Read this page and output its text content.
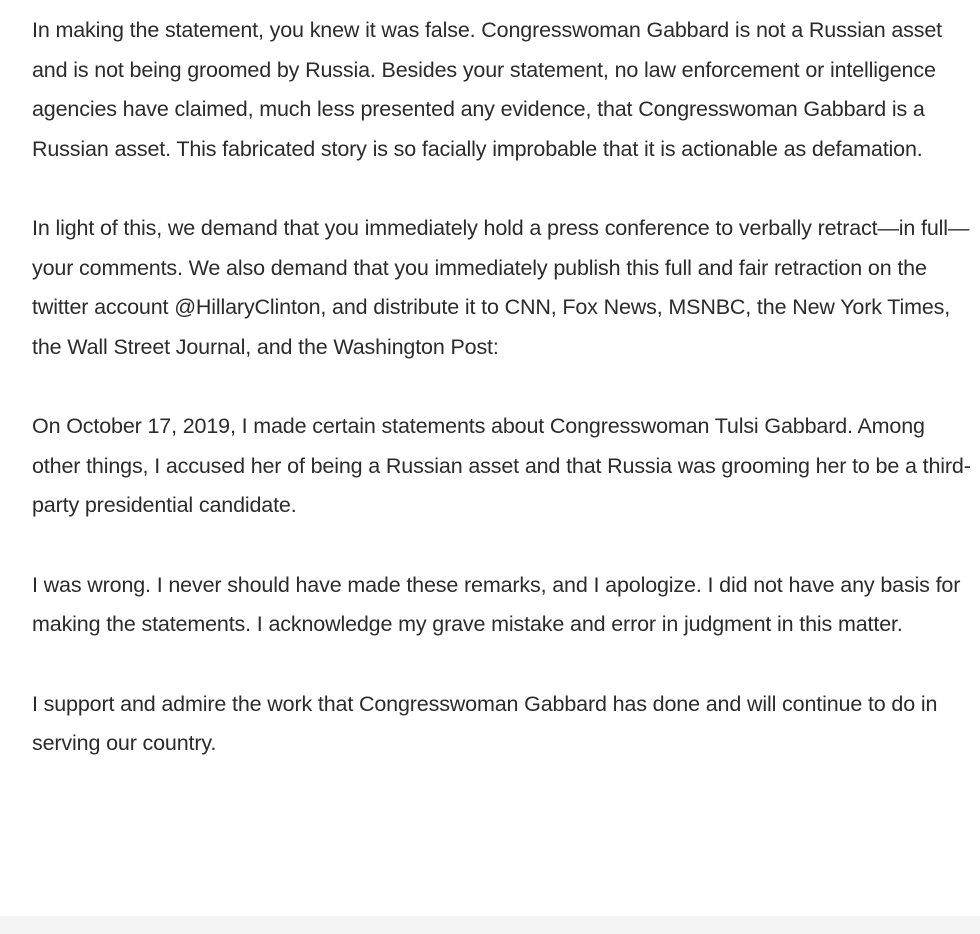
In making the statement, you knew it was false. Congresswoman Gabbard is not a Russian asset and is not being groomed by Russia. Besides your statement, no law enforcement or intelligence agencies have claimed, much less presented any evidence, that Congresswoman Gabbard is a Russian asset. This fabricated story is so facially improbable that it is actionable as defamation.

In light of this, we demand that you immediately hold a press conference to verbally retract—in full—your comments. We also demand that you immediately publish this full and fair retraction on the twitter account @HillaryClinton, and distribute it to CNN, Fox News, MSNBC, the New York Times, the Wall Street Journal, and the Washington Post:

On October 17, 2019, I made certain statements about Congresswoman Tulsi Gabbard. Among other things, I accused her of being a Russian asset and that Russia was grooming her to be a third-party presidential candidate.

I was wrong. I never should have made these remarks, and I apologize. I did not have any basis for making the statements. I acknowledge my grave mistake and error in judgment in this matter.

I support and admire the work that Congresswoman Gabbard has done and will continue to do in serving our country.
